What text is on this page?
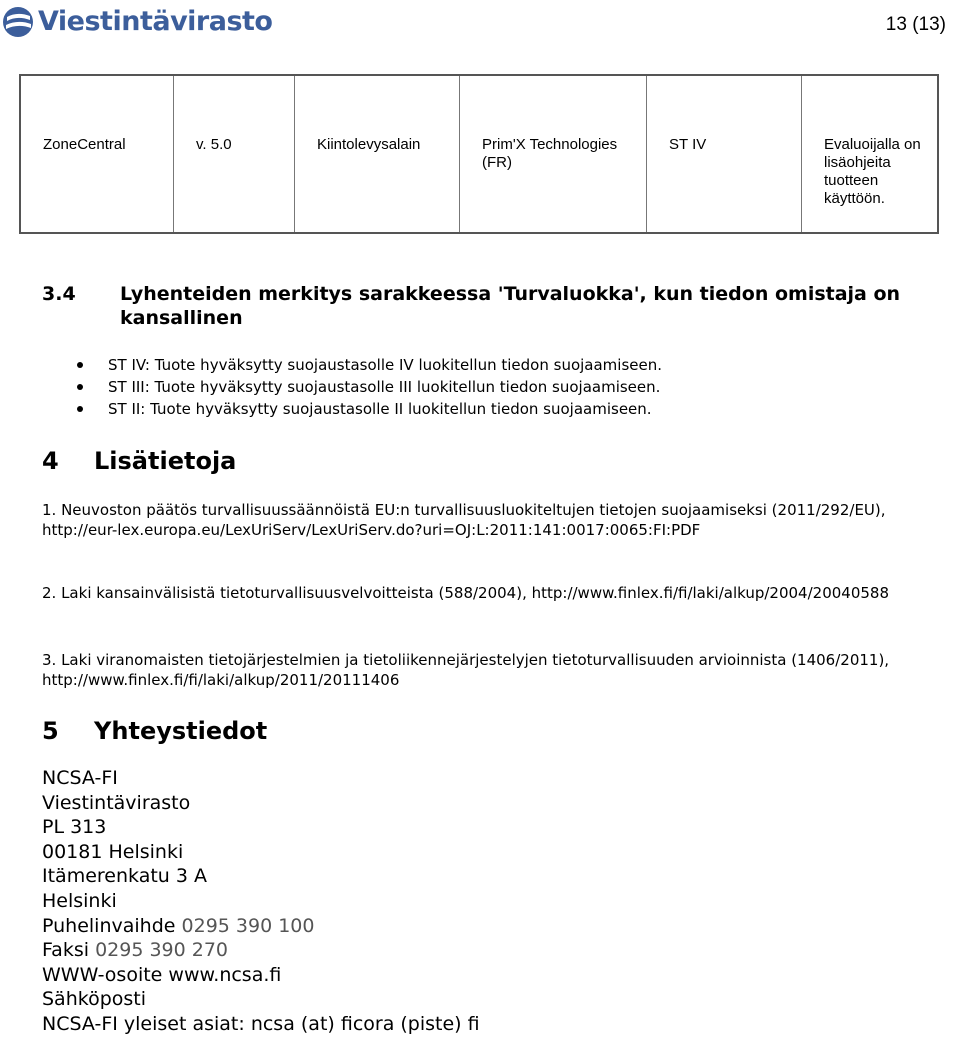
Viestintävirasto	13 (13)
ZoneCentral	v. 5.0	Kiintolevysalain	Prim'X Technologies (FR)	ST IV	Evaluoijalla on lisäohjeita tuotteen käyttöön.
3.4 Lyhenteiden merkitys sarakkeessa 'Turvaluokka', kun tiedon omistaja on kansallinen
ST IV: Tuote hyväksytty suojaustasolle IV luokitellun tiedon suojaamiseen.
ST III: Tuote hyväksytty suojaustasolle III luokitellun tiedon suojaamiseen.
ST II: Tuote hyväksytty suojaustasolle II luokitellun tiedon suojaamiseen.
4 Lisätietoja
1. Neuvoston päätös turvallisuussäännöistä EU:n turvallisuusluokiteltujen tietojen suojaamiseksi (2011/292/EU), http://eur-lex.europa.eu/LexUriServ/LexUriServ.do?uri=OJ:L:2011:141:0017:0065:FI:PDF
2. Laki kansainvälisistä tietoturvallisuusvelvoitteista (588/2004), http://www.finlex.fi/fi/laki/alkup/2004/20040588
3. Laki viranomaisten tietojärjestelmien ja tietoliikennejärjestelyjen tietoturvallisuuden arvioinnista (1406/2011), http://www.finlex.fi/fi/laki/alkup/2011/20111406
5 Yhteystiedot
NCSA-FI
Viestintävirasto
PL 313
00181 Helsinki
Itämerenkatu 3 A
Helsinki
Puhelinvaihde 0295 390 100
Faksi 0295 390 270
WWW-osoite www.ncsa.fi
Sähköposti
NCSA-FI yleiset asiat: ncsa (at) ficora (piste) fi
